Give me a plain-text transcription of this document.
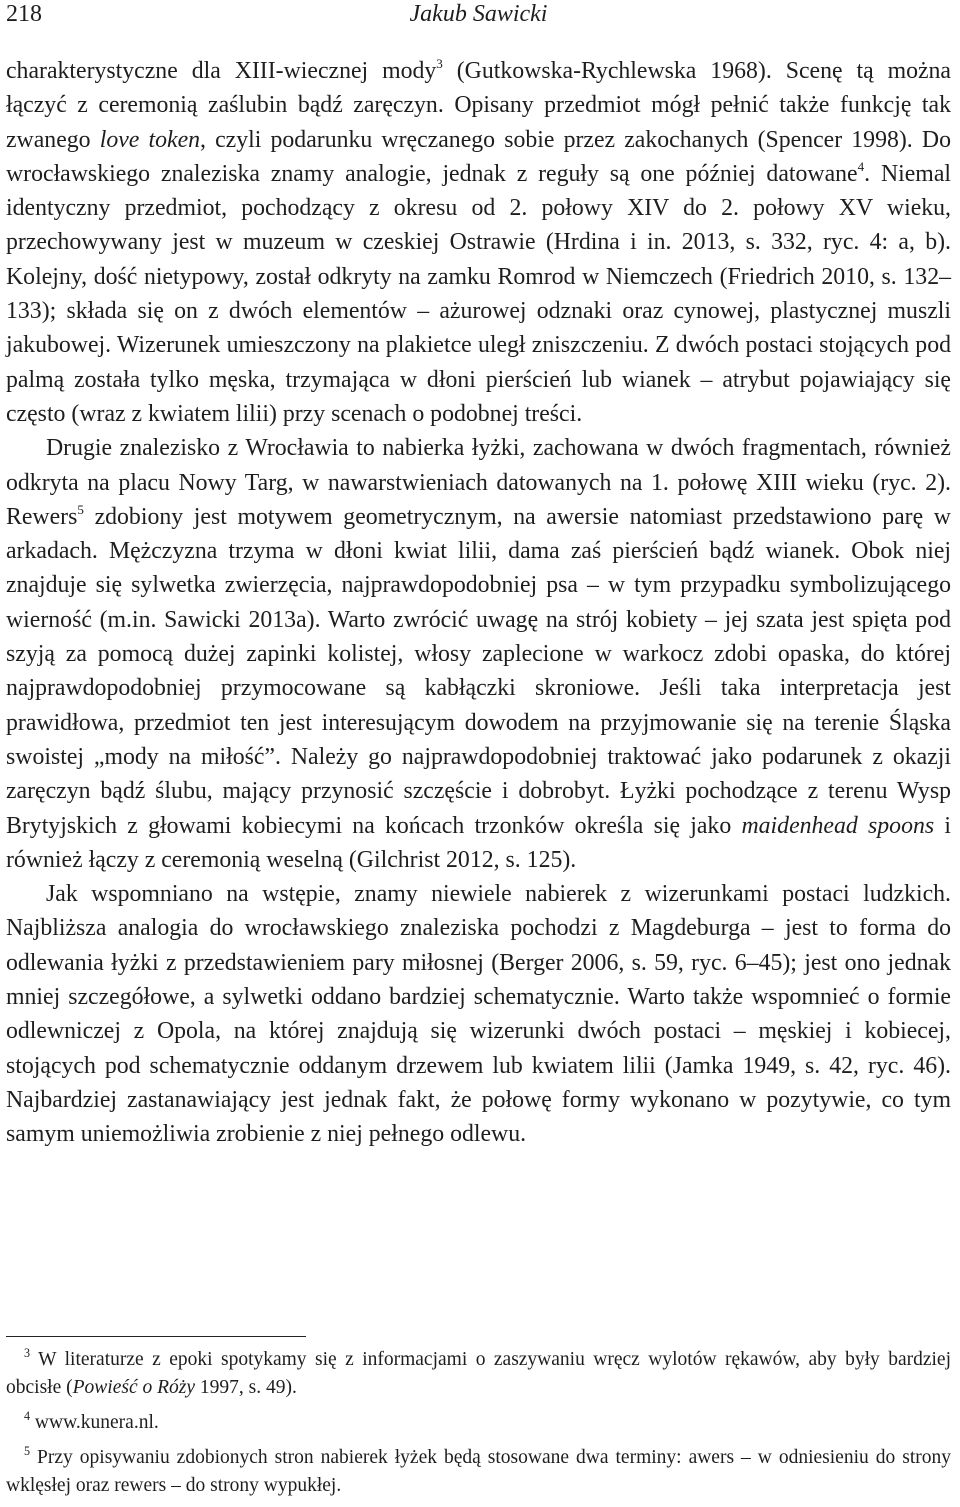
218	Jakub Sawicki

charakterystyczne dla XIII-wiecznej mody$^3$ (Gutkowska-Rychlewska 1968). Scenę tą można łączyć z ceremonią zaślubin bądź zaręczyn. Opisany przedmiot mógł pełnić także funkcję tak zwanego love token, czyli podarunku wręczanego sobie przez zakochanych (Spencer 1998). Do wrocławskiego znaleziska znamy analogie, jednak z reguły są one później datowane$^4$. Niemal identyczny przedmiot, pochodzący z okresu od 2. połowy XIV do 2. połowy XV wieku, przechowywany jest w muzeum w czeskiej Ostrawie (Hrdina i in. 2013, s. 332, ryc. 4: a, b). Kolejny, dość nietypowy, został odkryty na zamku Romrod w Niemczech (Friedrich 2010, s. 132–133); składa się on z dwóch elementów – ażurowej odznaki oraz cynowej, plastycznej muszli jakubowej. Wizerunek umieszczony na plakietce uległ zniszczeniu. Z dwóch postaci stojących pod palmą została tylko męska, trzymająca w dłoni pierścień lub wianek – atrybut pojawiający się często (wraz z kwiatem lilii) przy scenach o podobnej treści.

Drugie znalezisko z Wrocławia to nabierka łyżki, zachowana w dwóch fragmentach, również odkryta na placu Nowy Targ, w nawarstwieniach datowanych na 1. połowę XIII wieku (ryc. 2). Rewers$^5$ zdobiony jest motywem geometrycznym, na awersie natomiast przedstawiono parę w arkadach. Mężczyzna trzyma w dłoni kwiat lilii, dama zaś pierścień bądź wianek. Obok niej znajduje się sylwetka zwierzęcia, najprawdopodobniej psa – w tym przypadku symbolizującego wierność (m.in. Sawicki 2013a). Warto zwrócić uwagę na strój kobiety – jej szata jest spięta pod szyją za pomocą dużej zapinki kolistej, włosy zaplecione w warkocz zdobi opaska, do której najprawdopodobniej przymocowane są kabłączki skroniowe. Jeśli taka interpretacja jest prawidłowa, przedmiot ten jest interesującym dowodem na przyjmowanie się na terenie Śląska swoistej „mody na miłość”. Należy go najprawdopodobniej traktować jako podarunek z okazji zaręczyn bądź ślubu, mający przynosić szczęście i dobrobyt. Łyżki pochodzące z terenu Wysp Brytyjskich z głowami kobiecymi na końcach trzonków określa się jako maidenhead spoons i również łączy z ceremonią weselną (Gilchrist 2012, s. 125).

Jak wspomniano na wstępie, znamy niewiele nabierek z wizerunkami postaci ludzkich. Najbliższa analogia do wrocławskiego znaleziska pochodzi z Magdeburga – jest to forma do odlewania łyżki z przedstawieniem pary miłosnej (Berger 2006, s. 59, ryc. 6–45); jest ono jednak mniej szczegółowe, a sylwetki oddano bardziej schematycznie. Warto także wspomnieć o formie odlewniczej z Opola, na której znajdują się wizerunki dwóch postaci – męskiej i kobiecej, stojących pod schematycznie oddanym drzewem lub kwiatem lilii (Jamka 1949, s. 42, ryc. 46). Najbardziej zastanawiający jest jednak fakt, że połowę formy wykonano w pozytywie, co tym samym uniemożliwia zrobienie z niej pełnego odlewu.

$^3$ W literaturze z epoki spotykamy się z informacjami o zaszywaniu wręcz wylotów rękawów, aby były bardziej obcisłe (Powieść o Róży 1997, s. 49).

$^4$ www.kunera.nl.

$^5$ Przy opisywaniu zdobionych stron nabierek łyżek będą stosowane dwa terminy: awers – w odniesieniu do strony wklęsłej oraz rewers – do strony wypukłej.
